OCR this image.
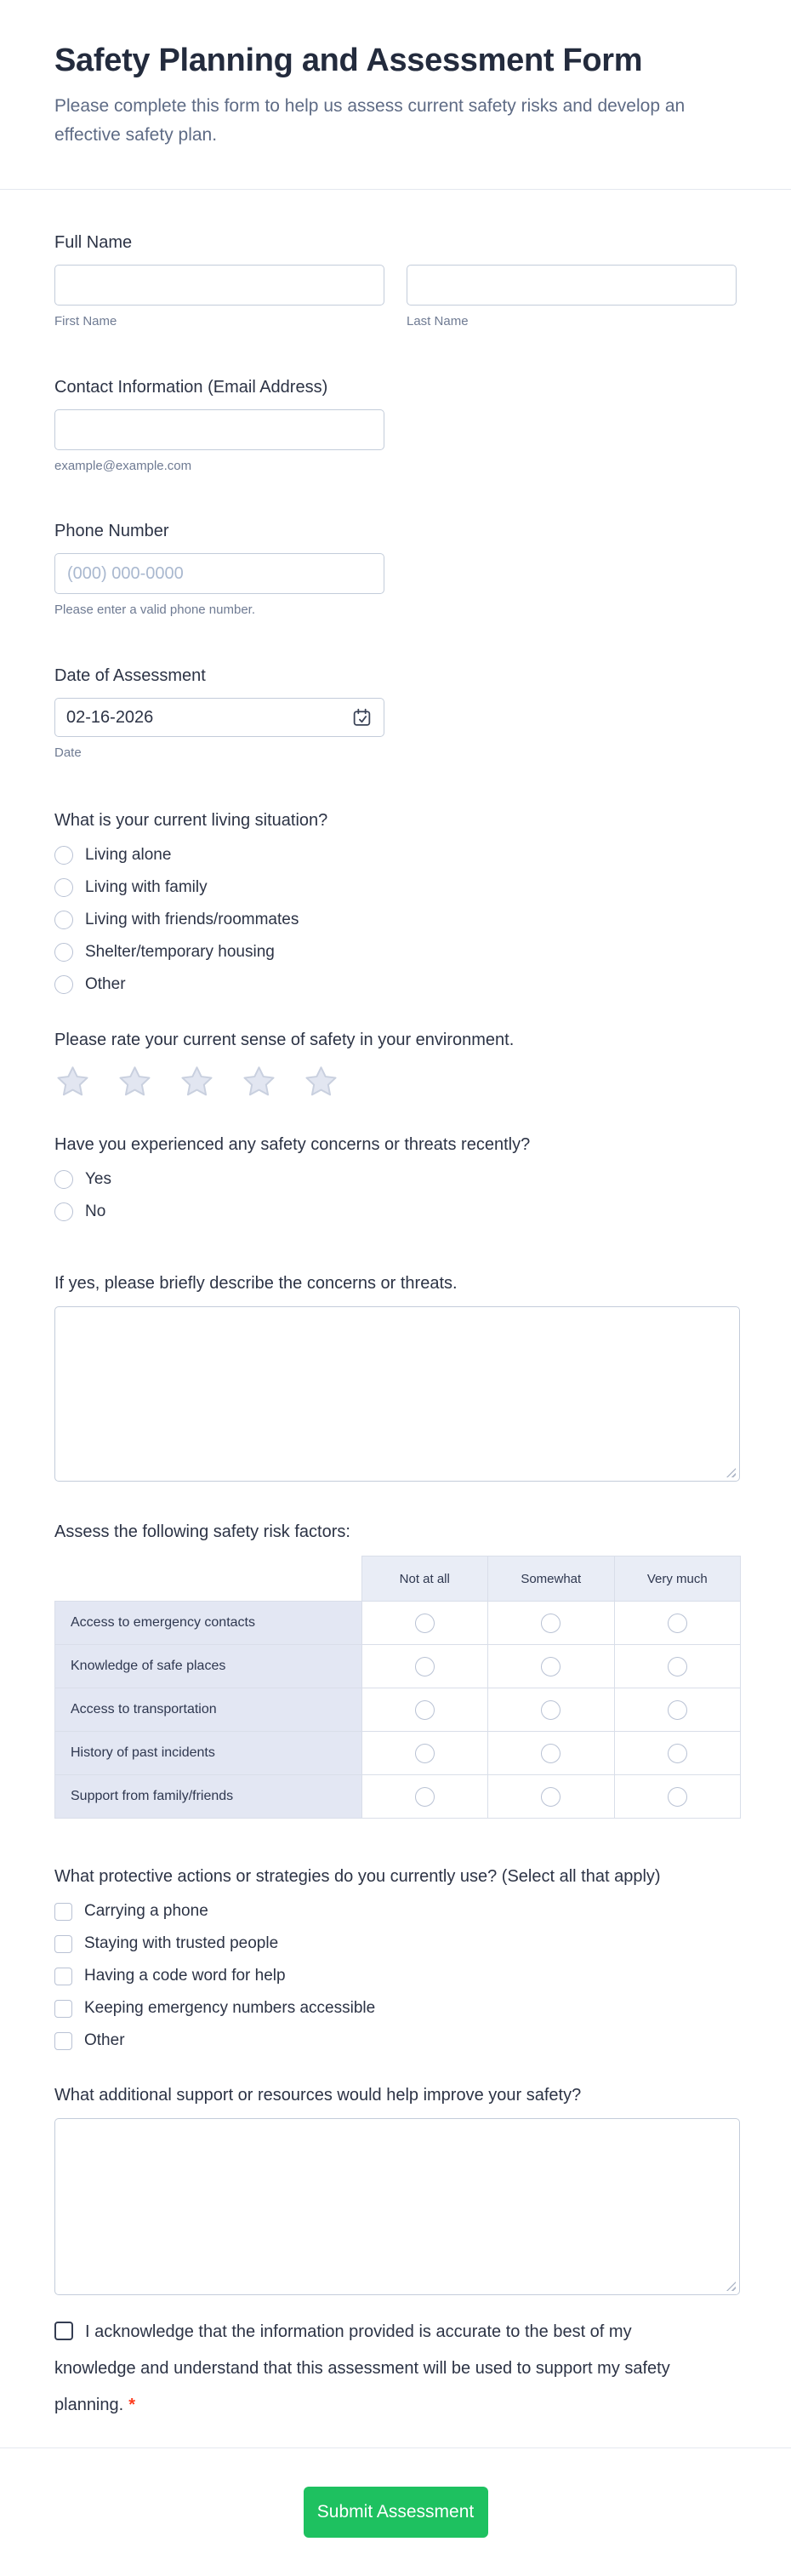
Safety Planning and Assessment Form

Please complete this form to help us assess current safety risks and develop an effective safety plan.

Full Name
First Name	Last Name
Contact Information (Email Address)
example@example.com
Phone Number
(000) 000-0000
Please enter a valid phone number.
Date of Assessment
02-16-2026
Date
What is your current living situation?
Living alone
Living with family
Living with friends/roommates
Shelter/temporary housing
Other
Please rate your current sense of safety in your environment.
Have you experienced any safety concerns or threats recently?
Yes
No
If yes, please briefly describe the concerns or threats.
Assess the following safety risk factors:
	Not at all	Somewhat	Very much
Access to emergency contacts			
Knowledge of safe places			
Access to transportation			
History of past incidents			
Support from family/friends			
What protective actions or strategies do you currently use? (Select all that apply)
Carrying a phone
Staying with trusted people
Having a code word for help
Keeping emergency numbers accessible
Other
What additional support or resources would help improve your safety?
I acknowledge that the information provided is accurate to the best of my knowledge and understand that this assessment will be used to support my safety planning. *
Submit Assessment
